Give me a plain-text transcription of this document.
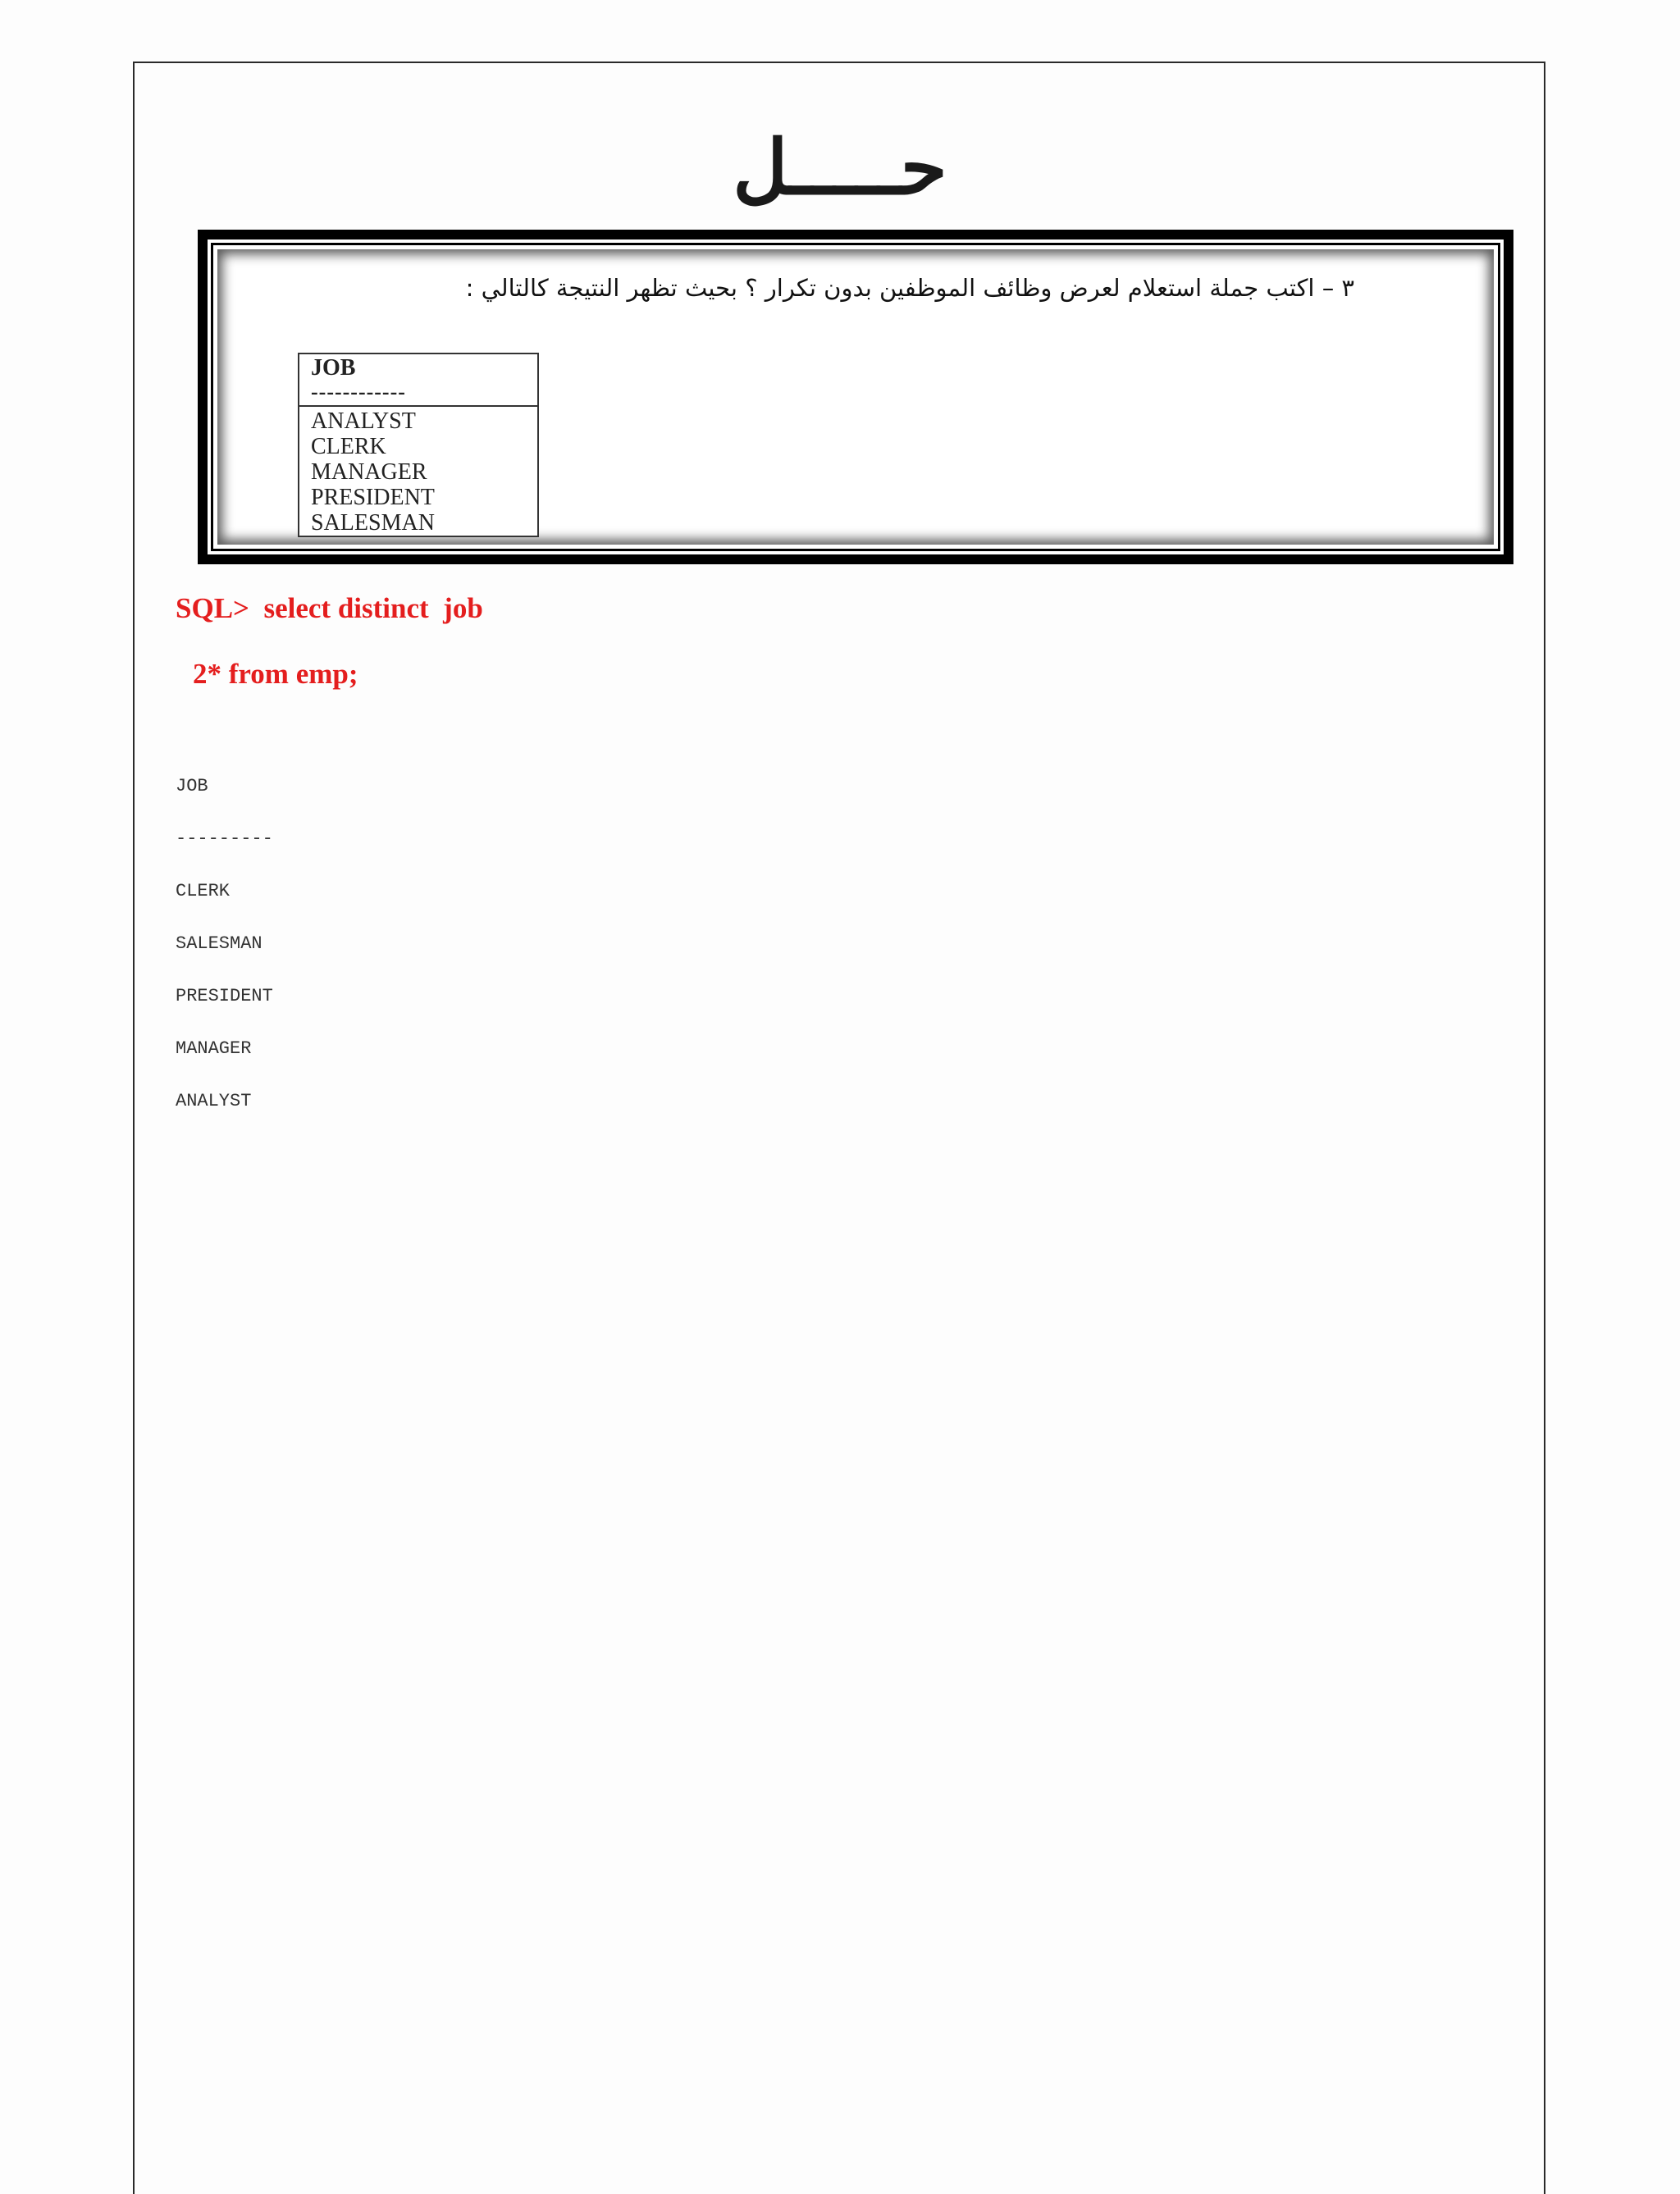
حـــــل
٣ – اكتب جملة استعلام لعرض وظائف الموظفين بدون تكرار ؟ بحيث تظهر النتيجة كالتالي :
JOB
------------
ANALYST
CLERK
MANAGER
PRESIDENT
SALESMAN
SQL>  select distinct  job
2* from emp;
JOB
---------
CLERK
SALESMAN
PRESIDENT
MANAGER
ANALYST
